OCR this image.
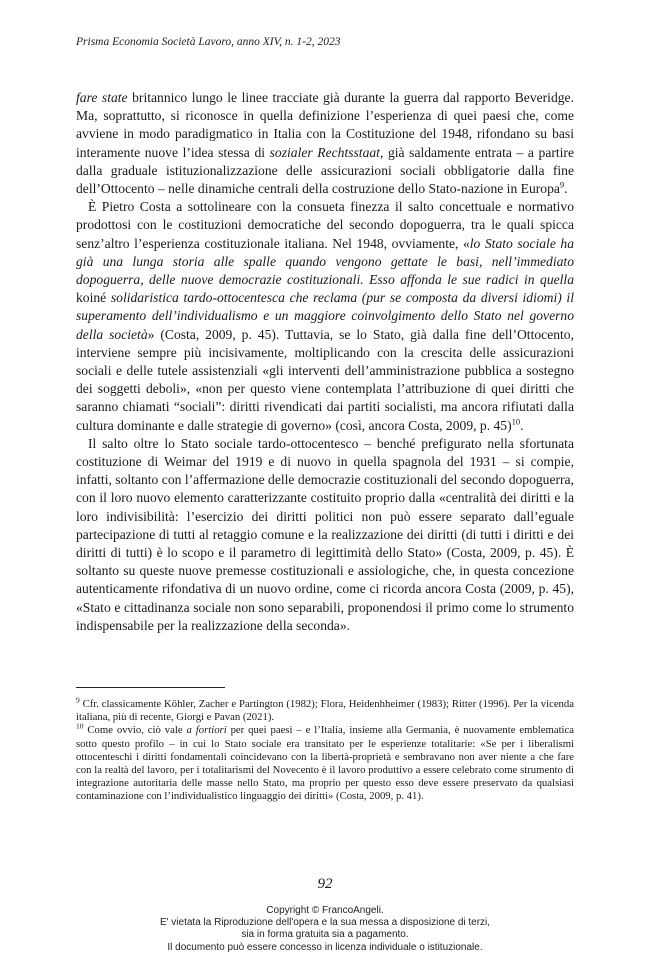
Prisma Economia Società Lavoro, anno XIV, n. 1-2, 2023

fare state britannico lungo le linee tracciate già durante la guerra dal rapporto Beveridge. Ma, soprattutto, si riconosce in quella definizione l’esperienza di quei paesi che, come avviene in modo paradigmatico in Italia con la Costituzione del 1948, rifondano su basi interamente nuove l’idea stessa di sozialer Rechtsstaat, già saldamente entrata – a partire dalla graduale istituzionalizzazione delle assicurazioni sociali obbligatorie dalla fine dell’Ottocento – nelle dinamiche centrali della costruzione dello Stato-nazione in Europa$^9$.

È Pietro Costa a sottolineare con la consueta finezza il salto concettuale e normativo prodottosi con le costituzioni democratiche del secondo dopoguerra, tra le quali spicca senz’altro l’esperienza costituzionale italiana. Nel 1948, ovviamente, «lo Stato sociale ha già una lunga storia alle spalle quando vengono gettate le basi, nell’immediato dopoguerra, delle nuove democrazie costituzionali. Esso affonda le sue radici in quella koiné solidaristica tardo-ottocentesca che reclama (pur se composta da diversi idiomi) il superamento dell’individualismo e un maggiore coinvolgimento dello Stato nel governo della società» (Costa, 2009, p. 45). Tuttavia, se lo Stato, già dalla fine dell’Ottocento, interviene sempre più incisivamente, moltiplicando con la crescita delle assicurazioni sociali e delle tutele assistenziali «gli interventi dell’amministrazione pubblica a sostegno dei soggetti deboli», «non per questo viene contemplata l’attribuzione di quei diritti che saranno chiamati “sociali”: diritti rivendicati dai partiti socialisti, ma ancora rifiutati dalla cultura dominante e dalle strategie di governo» (così, ancora Costa, 2009, p. 45)$^{10}$.

Il salto oltre lo Stato sociale tardo-ottocentesco – benché prefigurato nella sfortunata costituzione di Weimar del 1919 e di nuovo in quella spagnola del 1931 – si compie, infatti, soltanto con l’affermazione delle democrazie costituzionali del secondo dopoguerra, con il loro nuovo elemento caratterizzante costituito proprio dalla «centralità dei diritti e la loro indivisibilità: l’esercizio dei diritti politici non può essere separato dall’eguale partecipazione di tutti al retaggio comune e la realizzazione dei diritti (di tutti i diritti e dei diritti di tutti) è lo scopo e il parametro di legittimità dello Stato» (Costa, 2009, p. 45). È soltanto su queste nuove premesse costituzionali e assiologiche, che, in questa concezione autenticamente rifondativa di un nuovo ordine, come ci ricorda ancora Costa (2009, p. 45), «Stato e cittadinanza sociale non sono separabili, proponendosi il primo come lo strumento indispensabile per la realizzazione della seconda».

$^9$ Cfr. classicamente Köhler, Zacher e Partington (1982); Flora, Heidenhheimer (1983); Ritter (1996). Per la vicenda italiana, più di recente, Giorgi e Pavan (2021).

$^{10}$ Come ovvio, ciò vale a fortiori per quei paesi – e l’Italia, insieme alla Germania, è nuovamente emblematica sotto questo profilo – in cui lo Stato sociale era transitato per le esperienze totalitarie: «Se per i liberalismi ottocenteschi i diritti fondamentali coincidevano con la libertà-proprietà e sembravano non aver niente a che fare con la realtà del lavoro, per i totalitarismi del Novecento è il lavoro produttivo a essere celebrato come strumento di integrazione autoritaria delle masse nello Stato, ma proprio per questo esso deve essere preservato da qualsiasi contaminazione con l’individualistico linguaggio dei diritti» (Costa, 2009, p. 41).

92
Copyright © FrancoAngeli.
E' vietata la Riproduzione dell'opera e la sua messa a disposizione di terzi,
sia in forma gratuita sia a pagamento.
Il documento può essere concesso in licenza individuale o istituzionale.
